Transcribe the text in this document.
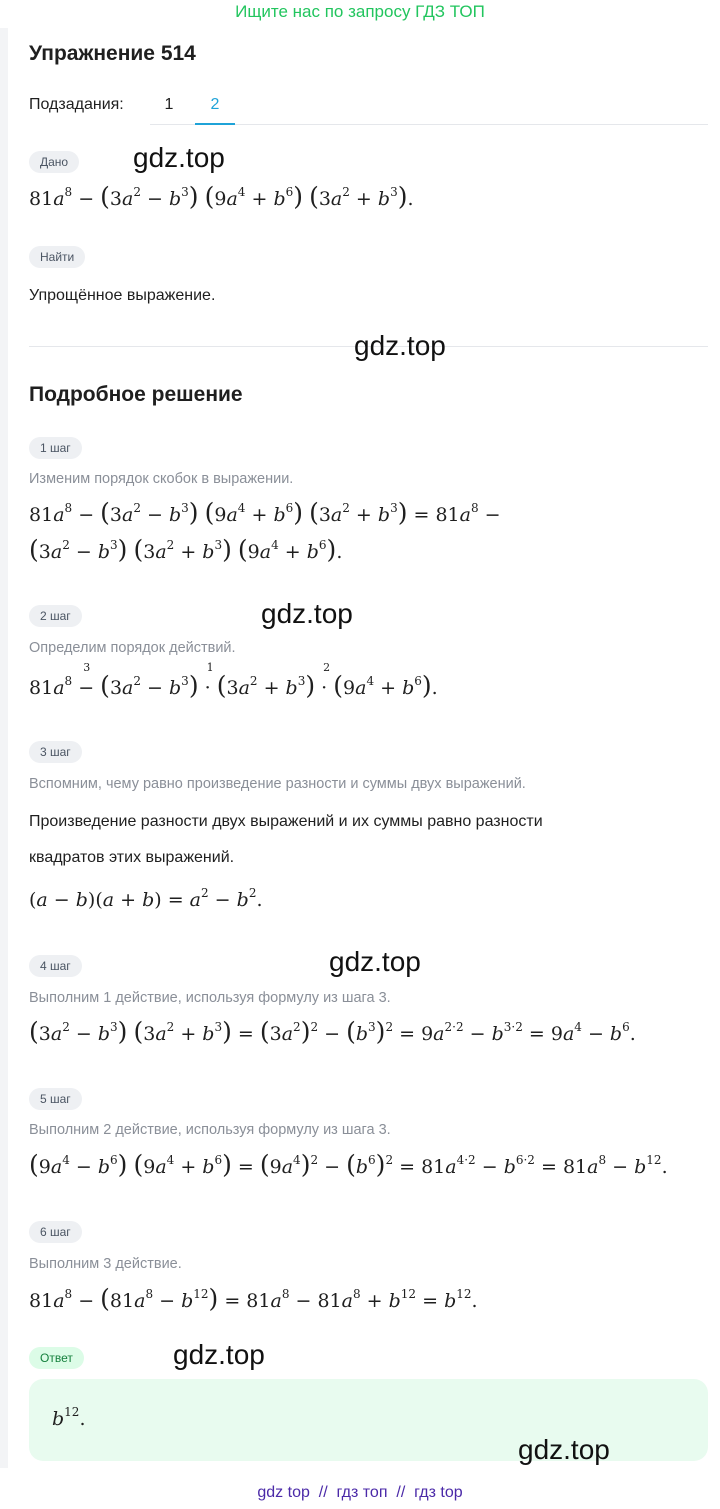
Ищите нас по запросу ГДЗ ТОП
Упражнение 514
Подзадания:	1	2
Дано	gdz.top
$81a^8 - (3a^2 - b^3) (9a^4 + b^6) (3a^2 + b^3)$.
Найти
Упрощённое выражение.
gdz.top
Подробное решение
1 шаг
Изменим порядок скобок в выражении.
$81a^8 - (3a^2 - b^3) (9a^4 + b^6) (3a^2 + b^3) = 81a^8$ −
$(3a^2 - b^3) (3a^2 + b^3) (9a^4 + b^6)$.
2 шаг	gdz.top
Определим порядок действий.
$81a^8$ −
3
$(3a^2 - b^3)$ ·
1
$(3a^2 + b^3)$ ·
2
$(9a^4 + b^6)$.
3 шаг
Вспомним, чему равно произведение разности и суммы двух выражений.
Произведение разности двух выражений и их суммы равно разности
квадратов этих выражений.
$(a - b)(a + b) = a^2 - b^2$.
4 шаг	gdz.top
Выполним 1 действие, используя формулу из шага 3.
$(3a^2 - b^3) (3a^2 + b^3) = (3a^2)^2 - (b^3)^2 = 9a^{2\cdot 2} - b^{3\cdot 2} = 9a^4 - b^6$.
5 шаг
Выполним 2 действие, используя формулу из шага 3.
$(9a^4 - b^6) (9a^4 + b^6) = (9a^4)^2 - (b^6)^2 = 81a^{4\cdot 2} - b^{6\cdot 2} = 81a^8 - b^{12}$.
6 шаг
Выполним 3 действие.
$81a^8 - (81a^8 - b^{12}) = 81a^8 - 81a^8 + b^{12} = b^{12}$.
Ответ	gdz.top
$b^{12}$.
gdz.top
gdz top  //  гдз топ  //  гдз top
